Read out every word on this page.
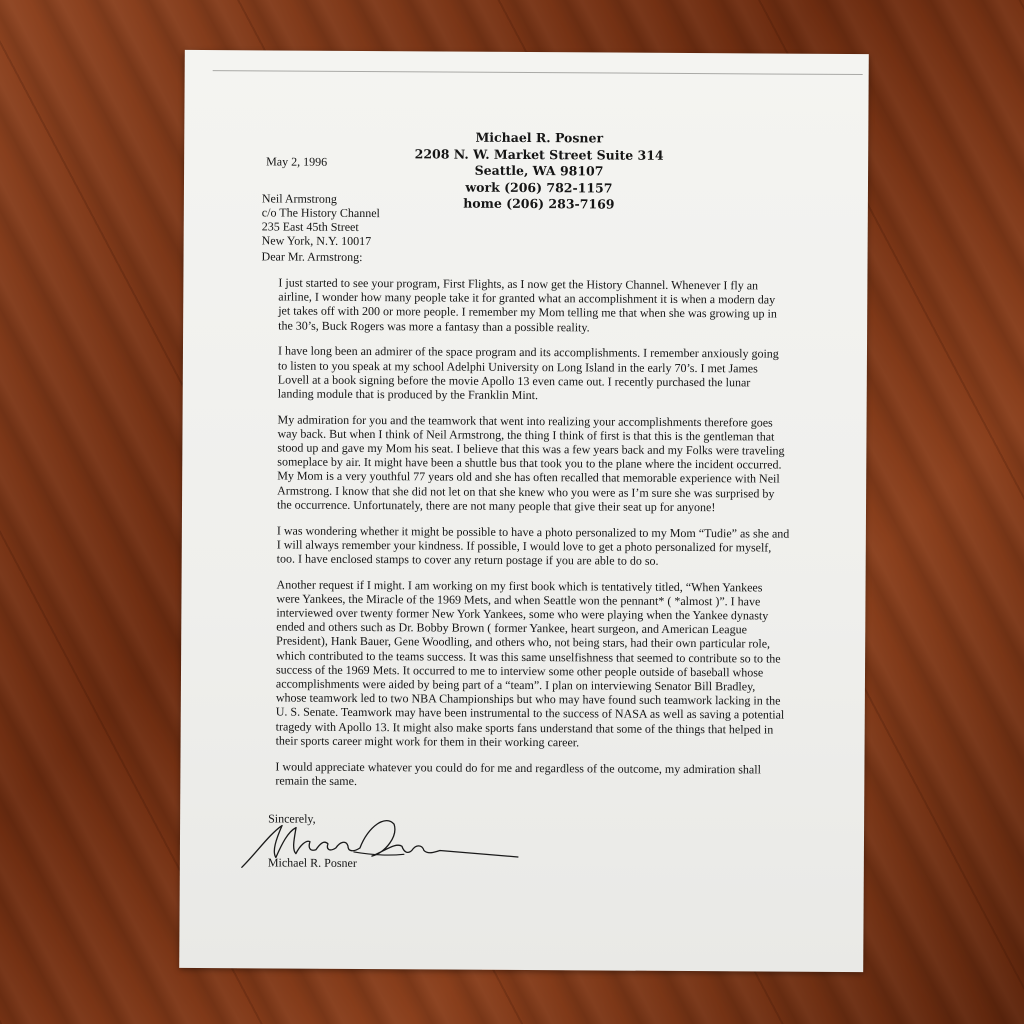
Michael R. Posner
2208 N. W. Market Street Suite 314
Seattle, WA 98107
work (206) 782-1157
home (206) 283-7169
May 2, 1996
Neil Armstrong
c/o The History Channel
235 East 45th Street
New York, N.Y. 10017
Dear Mr. Armstrong:

I just started to see your program, First Flights, as I now get the History Channel. Whenever I fly an
airline, I wonder how many people take it for granted what an accomplishment it is when a modern day
jet takes off with 200 or more people. I remember my Mom telling me that when she was growing up in
the 30’s, Buck Rogers was more a fantasy than a possible reality.

I have long been an admirer of the space program and its accomplishments. I remember anxiously going
to listen to you speak at my school Adelphi University on Long Island in the early 70’s. I met James
Lovell at a book signing before the movie Apollo 13 even came out. I recently purchased the lunar
landing module that is produced by the Franklin Mint.

My admiration for you and the teamwork that went into realizing your accomplishments therefore goes
way back. But when I think of Neil Armstrong, the thing I think of first is that this is the gentleman that
stood up and gave my Mom his seat. I believe that this was a few years back and my Folks were traveling
someplace by air. It might have been a shuttle bus that took you to the plane where the incident occurred.
My Mom is a very youthful 77 years old and she has often recalled that memorable experience with Neil
Armstrong. I know that she did not let on that she knew who you were as I’m sure she was surprised by
the occurrence. Unfortunately, there are not many people that give their seat up for anyone!

I was wondering whether it might be possible to have a photo personalized to my Mom “Tudie” as she and
I will always remember your kindness. If possible, I would love to get a photo personalized for myself,
too. I have enclosed stamps to cover any return postage if you are able to do so.

Another request if I might. I am working on my first book which is tentatively titled, “When Yankees
were Yankees, the Miracle of the 1969 Mets, and when Seattle won the pennant* ( *almost )”. I have
interviewed over twenty former New York Yankees, some who were playing when the Yankee dynasty
ended and others such as Dr. Bobby Brown ( former Yankee, heart surgeon, and American League
President), Hank Bauer, Gene Woodling, and others who, not being stars, had their own particular role,
which contributed to the teams success. It was this same unselfishness that seemed to contribute so to the
success of the 1969 Mets. It occurred to me to interview some other people outside of baseball whose
accomplishments were aided by being part of a “team”. I plan on interviewing Senator Bill Bradley,
whose teamwork led to two NBA Championships but who may have found such teamwork lacking in the
U. S. Senate. Teamwork may have been instrumental to the success of NASA as well as saving a potential
tragedy with Apollo 13. It might also make sports fans understand that some of the things that helped in
their sports career might work for them in their working career.

I would appreciate whatever you could do for me and regardless of the outcome, my admiration shall
remain the same.

Sincerely,
Michael R. Posner
